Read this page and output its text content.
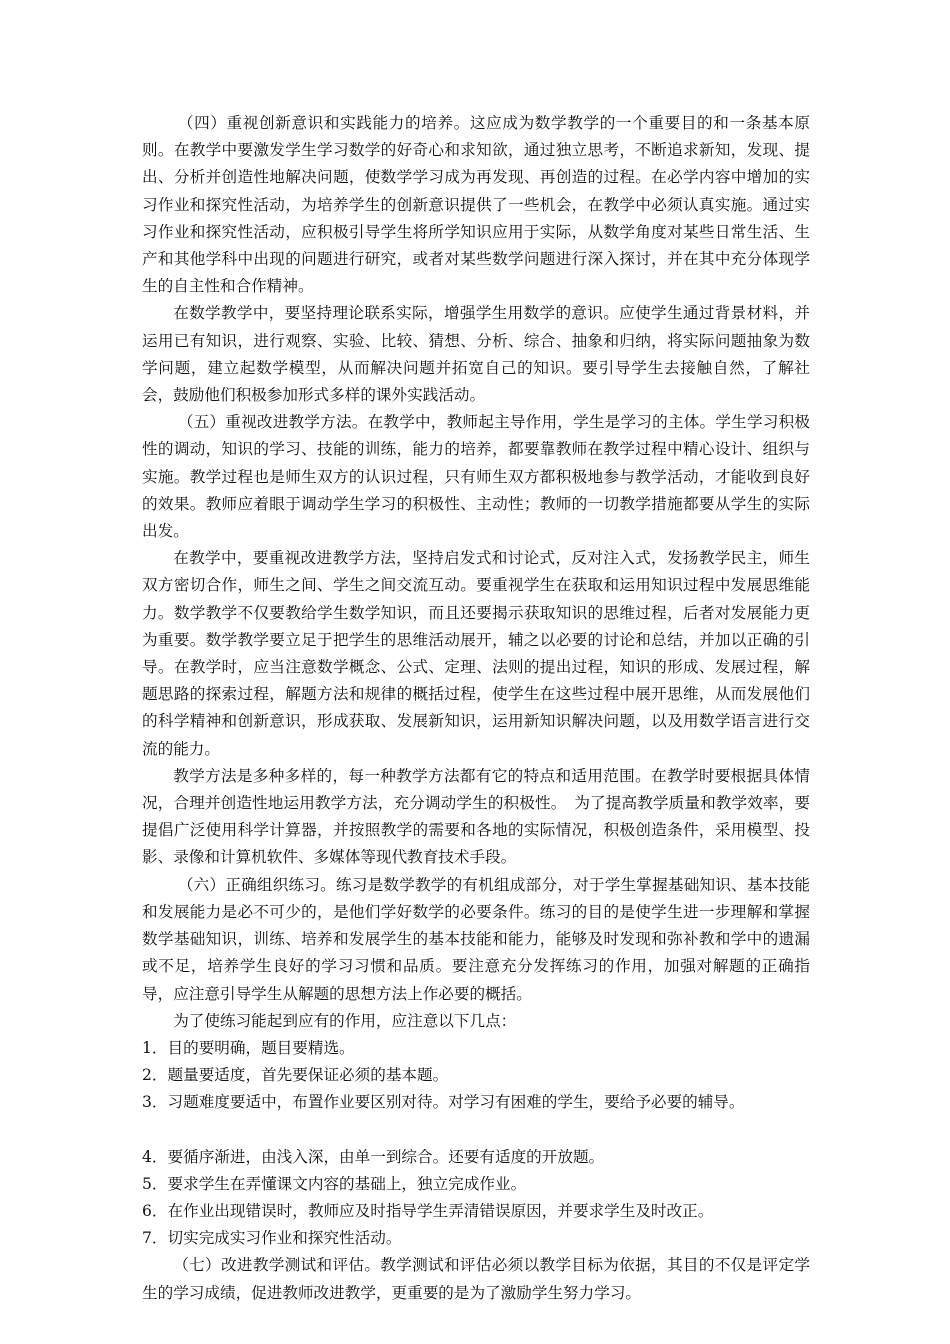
（四）重视创新意识和实践能力的培养。这应成为数学教学的一个重要目的和一条基本原则。在教学中要激发学生学习数学的好奇心和求知欲，通过独立思考，不断追求新知，发现、提出、分析并创造性地解决问题，使数学学习成为再发现、再创造的过程。在必学内容中增加的实习作业和探究性活动，为培养学生的创新意识提供了一些机会，在教学中必须认真实施。通过实习作业和探究性活动，应积极引导学生将所学知识应用于实际，从数学角度对某些日常生活、生产和其他学科中出现的问题进行研究，或者对某些数学问题进行深入探讨，并在其中充分体现学生的自主性和合作精神。

在数学教学中，要坚持理论联系实际，增强学生用数学的意识。应使学生通过背景材料，并运用已有知识，进行观察、实验、比较、猜想、分析、综合、抽象和归纳，将实际问题抽象为数学问题，建立起数学模型，从而解决问题并拓宽自己的知识。要引导学生去接触自然，了解社会，鼓励他们积极参加形式多样的课外实践活动。

（五）重视改进教学方法。在教学中，教师起主导作用，学生是学习的主体。学生学习积极性的调动，知识的学习、技能的训练，能力的培养，都要靠教师在教学过程中精心设计、组织与实施。教学过程也是师生双方的认识过程，只有师生双方都积极地参与教学活动，才能收到良好的效果。教师应着眼于调动学生学习的积极性、主动性；教师的一切教学措施都要从学生的实际出发。

在教学中，要重视改进教学方法，坚持启发式和讨论式，反对注入式，发扬教学民主，师生双方密切合作，师生之间、学生之间交流互动。要重视学生在获取和运用知识过程中发展思维能力。数学教学不仅要教给学生数学知识，而且还要揭示获取知识的思维过程，后者对发展能力更为重要。数学教学要立足于把学生的思维活动展开，辅之以必要的讨论和总结，并加以正确的引导。在教学时，应当注意数学概念、公式、定理、法则的提出过程，知识的形成、发展过程，解题思路的探索过程，解题方法和规律的概括过程，使学生在这些过程中展开思维，从而发展他们的科学精神和创新意识，形成获取、发展新知识，运用新知识解决问题，以及用数学语言进行交流的能力。

教学方法是多种多样的，每一种教学方法都有它的特点和适用范围。在教学时要根据具体情况，合理并创造性地运用教学方法，充分调动学生的积极性。　为了提高教学质量和教学效率，要提倡广泛使用科学计算器，并按照教学的需要和各地的实际情况，积极创造条件，采用模型、投影、录像和计算机软件、多媒体等现代教育技术手段。

（六）正确组织练习。练习是数学教学的有机组成部分，对于学生掌握基础知识、基本技能和发展能力是必不可少的，是他们学好数学的必要条件。练习的目的是使学生进一步理解和掌握数学基础知识，训练、培养和发展学生的基本技能和能力，能够及时发现和弥补教和学中的遗漏或不足，培养学生良好的学习习惯和品质。要注意充分发挥练习的作用，加强对解题的正确指导，应注意引导学生从解题的思想方法上作必要的概括。

为了使练习能起到应有的作用，应注意以下几点：

1．目的要明确，题目要精选。

2．题量要适度，首先要保证必须的基本题。

3．习题难度要适中，布置作业要区别对待。对学习有困难的学生，要给予必要的辅导。

4．要循序渐进，由浅入深，由单一到综合。还要有适度的开放题。

5．要求学生在弄懂课文内容的基础上，独立完成作业。

6．在作业出现错误时，教师应及时指导学生弄清错误原因，并要求学生及时改正。

7．切实完成实习作业和探究性活动。

（七）改进教学测试和评估。教学测试和评估必须以教学目标为依据，其目的不仅是评定学生的学习成绩，促进教师改进教学，更重要的是为了激励学生努力学习。
